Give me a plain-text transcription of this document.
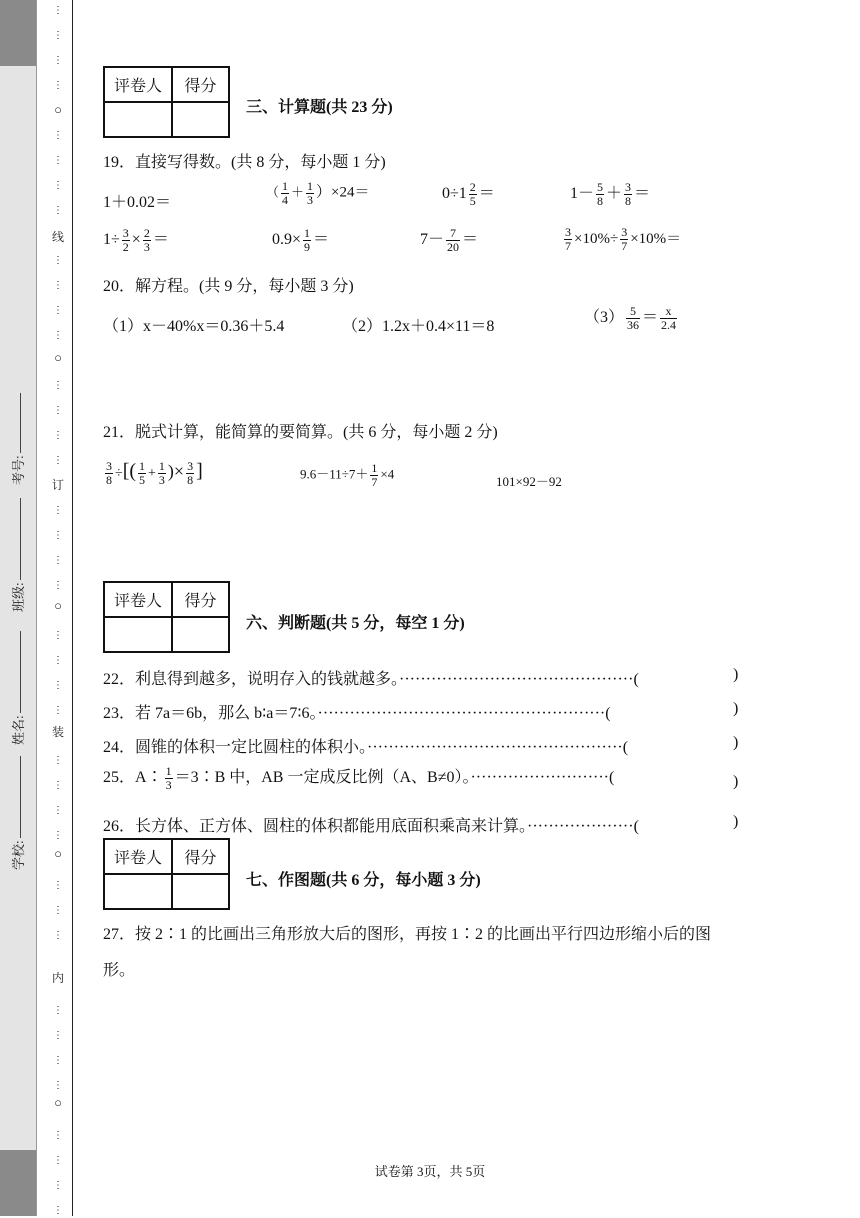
学校:
姓名:
班级:
考号:
⋮
⋮
⋮
⋮
⋮
⋮
⋮
⋮
⋮
⋮
⋮
⋮
⋮
⋮
⋮
⋮
⋮
⋮
⋮
⋮
⋮
⋮
⋮
⋮
⋮
⋮
⋮
⋮
⋮
⋮
⋮
⋮
⋮
⋮
⋮
⋮
⋮
⋮
⋮
○
○
○
○
○
线
订
装
内
评卷人	得分

三、计算题(共 23 分)
19．直接写得数。(共 8 分，每小题 1 分)
1＋0.02＝
（ $\frac{1}{4} + \frac{1}{3} )\times 24=$	$0\div 1 \frac{2}{5}$ ＝	$1- \frac{5}{8} + \frac{3}{8}$ ＝
$1\div \frac{3}{2} \times \frac{2}{3}$ ＝	$0.9\times \frac{1}{9}$ ＝	$7- \frac{7}{20}$ ＝	$\frac{3}{7} \times 10\%\div \frac{3}{7} \times 10\%=$
20．解方程。(共 9 分，每小题 3 分)
（1）x－40%x＝0.36＋5.4	（2）1.2x＋0.4×11＝8
$(3) \frac{5}{36} = \frac{x}{2.4}$
21．脱式计算，能简算的要简算。(共 6 分，每小题 2 分)
$\frac{3}{8}$ ÷[( $\frac{1}{5} + \frac{1}{3}$ )× $\frac{3}{8}$ ]	$9.6-11\div 7+ \frac{1}{7} \times 4$
101×92－92
评卷人	得分

六、判断题(共 5 分，每空 1 分)
22．利息得到越多，说明存入的钱就越多。············································(	)
23．若 7a＝6b，那么 b∶a＝7∶6。······················································(	)
24．圆锥的体积一定比圆柱的体积小。················································(	)
25．A∶ $\frac{1}{3}$ ＝3∶B 中，AB 一定成反比例（A、B≠0）。··························(	)
26．长方体、正方体、圆柱的体积都能用底面积乘高来计算。····················(	)
评卷人	得分

七、作图题(共 6 分，每小题 3 分)
27．按 2∶1 的比画出三角形放大后的图形，再按 1∶2 的比画出平行四边形缩小后的图
形。
试卷第 3页，共 5页
